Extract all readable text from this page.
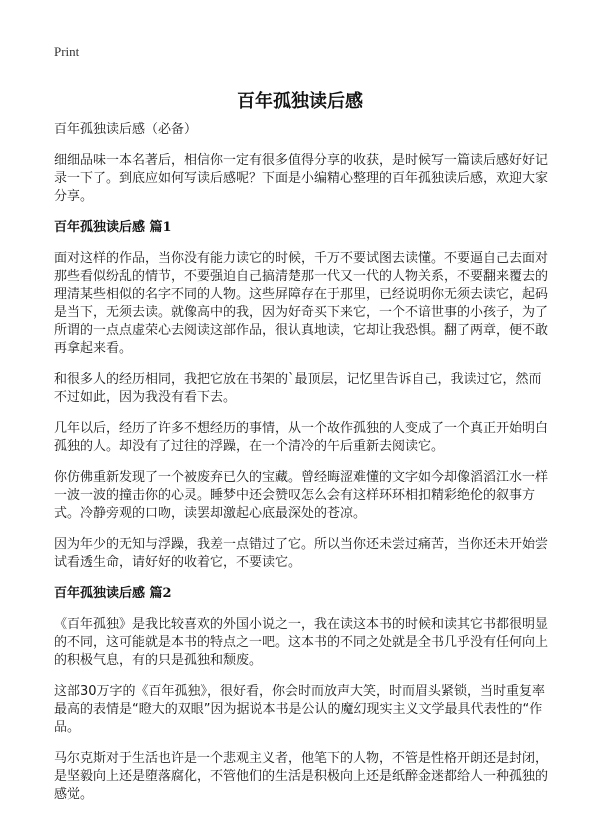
Print
百年孤独读后感
百年孤独读后感（必备）

细细品味一本名著后，相信你一定有很多值得分享的收获，是时候写一篇读后感好好记录一下了。到底应如何写读后感呢？下面是小编精心整理的百年孤独读后感，欢迎大家分享。

百年孤独读后感 篇1

面对这样的作品，当你没有能力读它的时候，千万不要试图去读懂。不要逼自己去面对那些看似纷乱的情节，不要强迫自己搞清楚那一代又一代的人物关系，不要翻来覆去的理清某些相似的名字不同的人物。这些屏障存在于那里，已经说明你无须去读它，起码是当下，无须去读。就像高中的我，因为好奇买下来它，一个不谙世事的小孩子，为了所谓的一点点虚荣心去阅读这部作品，很认真地读，它却让我恐惧。翻了两章，便不敢再拿起来看。

和很多人的经历相同，我把它放在书架的`最顶层，记忆里告诉自己，我读过它，然而不过如此，因为我没有看下去。

几年以后，经历了许多不想经历的事情，从一个故作孤独的人变成了一个真正开始明白孤独的人。却没有了过往的浮躁，在一个清冷的午后重新去阅读它。

你仿佛重新发现了一个被废弃已久的宝藏。曾经晦涩难懂的文字如今却像滔滔江水一样一波一波的撞击你的心灵。睡梦中还会赞叹怎么会有这样环环相扣精彩绝伦的叙事方式。冷静旁观的口吻，读罢却激起心底最深处的苍凉。

因为年少的无知与浮躁，我差一点错过了它。所以当你还未尝过痛苦，当你还未开始尝试看透生命，请好好的收着它，不要读它。

百年孤独读后感 篇2

《百年孤独》是我比较喜欢的外国小说之一，我在读这本书的时候和读其它书都很明显的不同，这可能就是本书的特点之一吧。这本书的不同之处就是全书几乎没有任何向上的积极气息，有的只是孤独和颓废。

这部30万字的《百年孤独》，很好看，你会时而放声大笑，时而眉头紧锁，当时重复率最高的表情是“瞪大的双眼”因为据说本书是公认的魔幻现实主义文学最具代表性的“作品。

马尔克斯对于生活也许是一个悲观主义者，他笔下的人物，不管是性格开朗还是封闭，是坚毅向上还是堕落腐化，不管他们的生活是积极向上还是纸醉金迷都给人一种孤独的感觉。
